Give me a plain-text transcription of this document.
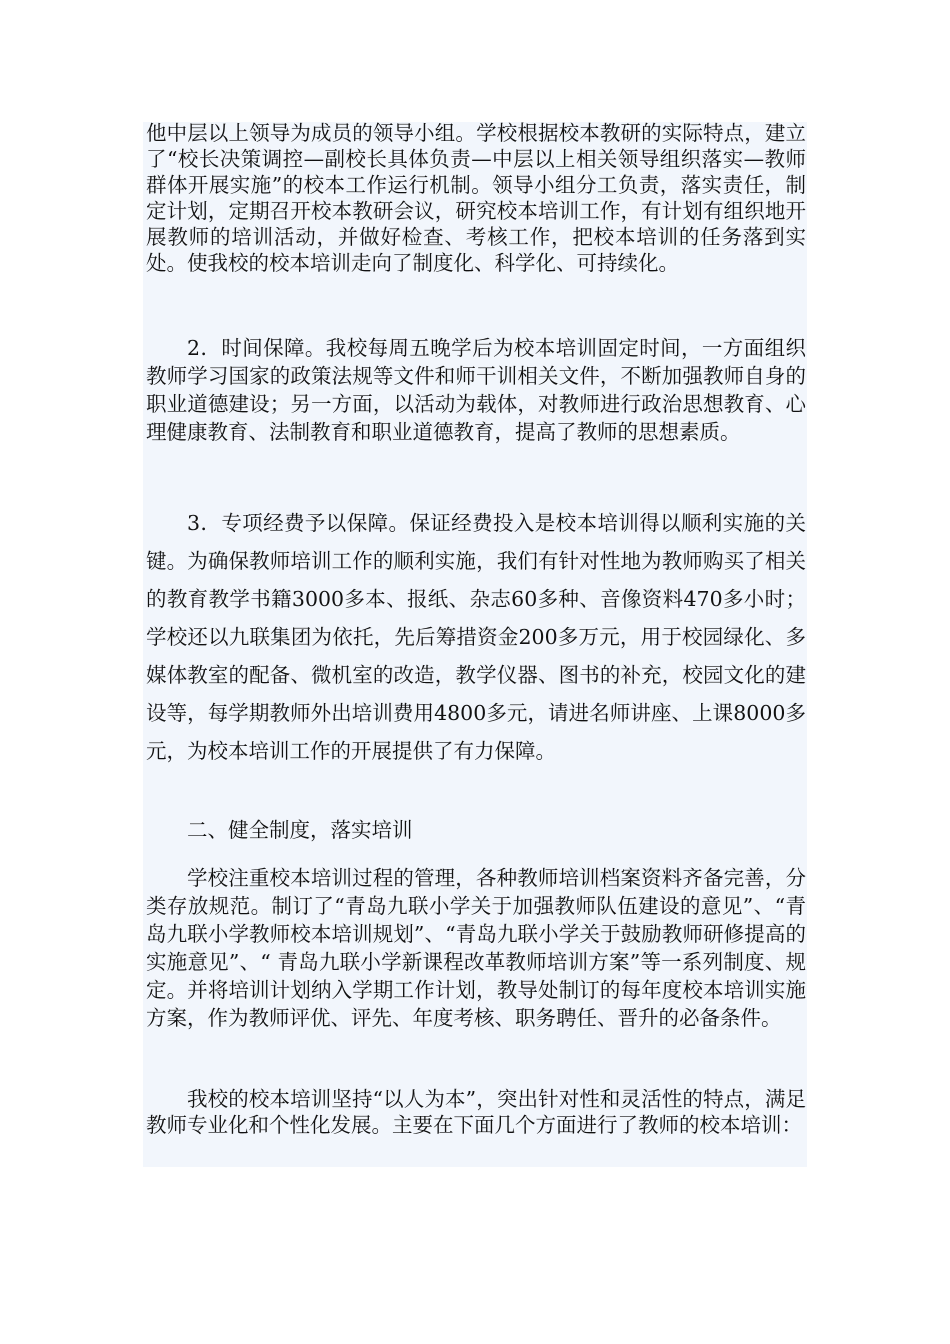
他中层以上领导为成员的领导小组。学校根据校本教研的实际特点，建立了“校长决策调控—副校长具体负责—中层以上相关领导组织落实—教师群体开展实施”的校本工作运行机制。领导小组分工负责，落实责任，制定计划，定期召开校本教研会议，研究校本培训工作，有计划有组织地开展教师的培训活动，并做好检查、考核工作，把校本培训的任务落到实处。使我校的校本培训走向了制度化、科学化、可持续化。

2．时间保障。我校每周五晚学后为校本培训固定时间，一方面组织教师学习国家的政策法规等文件和师干训相关文件，不断加强教师自身的职业道德建设；另一方面，以活动为载体，对教师进行政治思想教育、心理健康教育、法制教育和职业道德教育，提高了教师的思想素质。

3．专项经费予以保障。保证经费投入是校本培训得以顺利实施的关键。为确保教师培训工作的顺利实施，我们有针对性地为教师购买了相关的教育教学书籍3000多本、报纸、杂志60多种、音像资料470多小时；学校还以九联集团为依托，先后筹措资金200多万元，用于校园绿化、多媒体教室的配备、微机室的改造，教学仪器、图书的补充，校园文化的建设等，每学期教师外出培训费用4800多元，请进名师讲座、上课8000多元，为校本培训工作的开展提供了有力保障。

二、健全制度，落实培训

学校注重校本培训过程的管理，各种教师培训档案资料齐备完善，分类存放规范。制订了“青岛九联小学关于加强教师队伍建设的意见”、“青岛九联小学教师校本培训规划”、“青岛九联小学关于鼓励教师研修提高的实施意见”、“ 青岛九联小学新课程改革教师培训方案”等一系列制度、规定。并将培训计划纳入学期工作计划，教导处制订的每年度校本培训实施方案，作为教师评优、评先、年度考核、职务聘任、晋升的必备条件。

我校的校本培训坚持“以人为本”，突出针对性和灵活性的特点，满足教师专业化和个性化发展。主要在下面几个方面进行了教师的校本培训：
